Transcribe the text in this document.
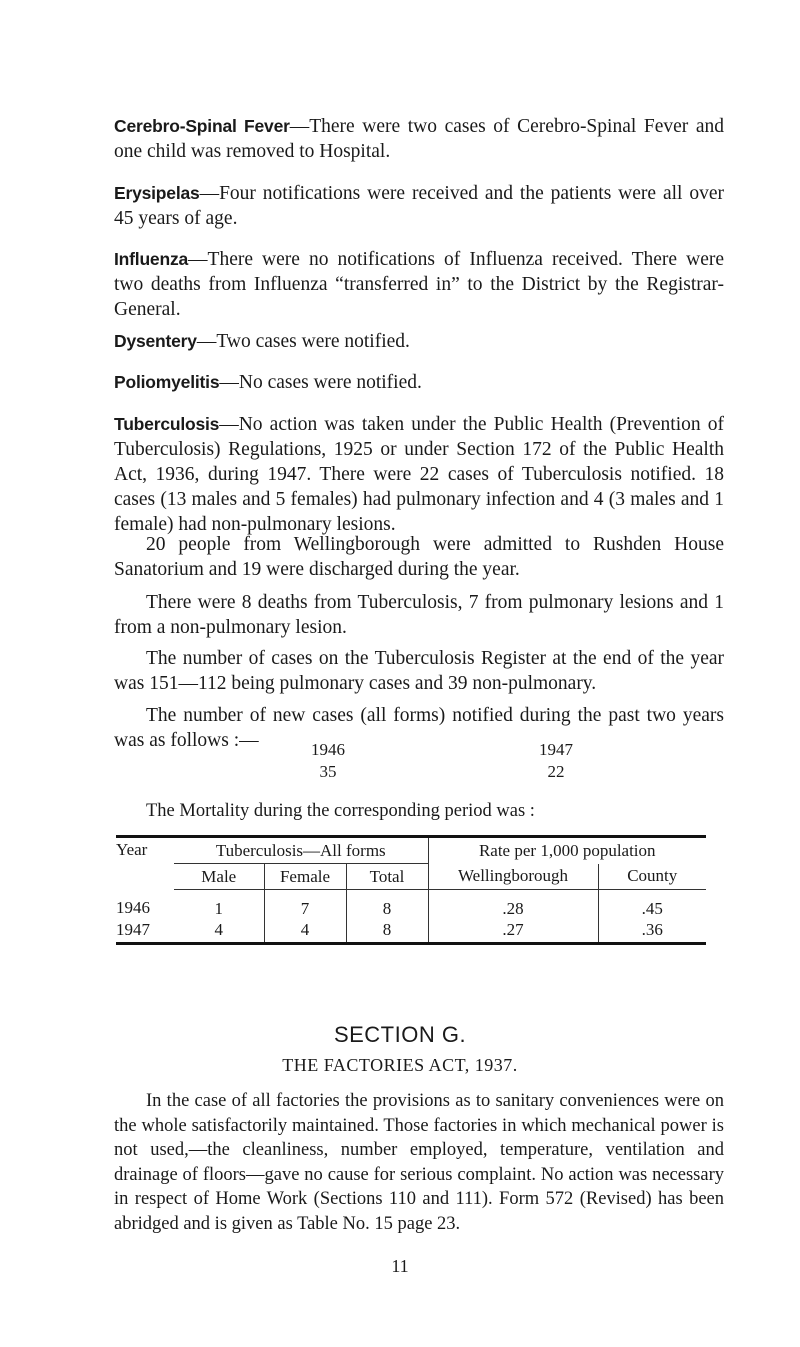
Cerebro-Spinal Fever—There were two cases of Cerebro-Spinal Fever and one child was removed to Hospital.

Erysipelas—Four notifications were received and the patients were all over 45 years of age.

Influenza—There were no notifications of Influenza received. There were two deaths from Influenza “transferred in” to the District by the Registrar-General.

Dysentery—Two cases were notified.

Poliomyelitis—No cases were notified.

Tuberculosis—No action was taken under the Public Health (Prevention of Tuberculosis) Regulations, 1925 or under Section 172 of the Public Health Act, 1936, during 1947. There were 22 cases of Tuberculosis notified. 18 cases (13 males and 5 females) had pulmonary infection and 4 (3 males and 1 female) had non-pulmonary lesions.

20 people from Wellingborough were admitted to Rushden House Sanatorium and 19 were discharged during the year.

There were 8 deaths from Tuberculosis, 7 from pulmonary lesions and 1 from a non-pulmonary lesion.

The number of cases on the Tuberculosis Register at the end of the year was 151—112 being pulmonary cases and 39 non-pulmonary.

The number of new cases (all forms) notified during the past two years was as follows :—	1946	1947
35	22

The Mortality during the corresponding period was :

Year	Tuberculosis—All forms			Rate per 1,000 population	
	Male	Female	Total	Wellingborough	County
1946	1	7	8	.28	.45
1947	4	4	8	.27	.36
SECTION G.
THE FACTORIES ACT, 1937.

In the case of all factories the provisions as to sanitary conveniences were on the whole satisfactorily maintained. Those factories in which mechanical power is not used,—the cleanliness, number employed, temperature, ventilation and drainage of floors—gave no cause for serious complaint. No action was necessary in respect of Home Work (Sections 110 and 111). Form 572 (Revised) has been abridged and is given as Table No. 15 page 23.

11
